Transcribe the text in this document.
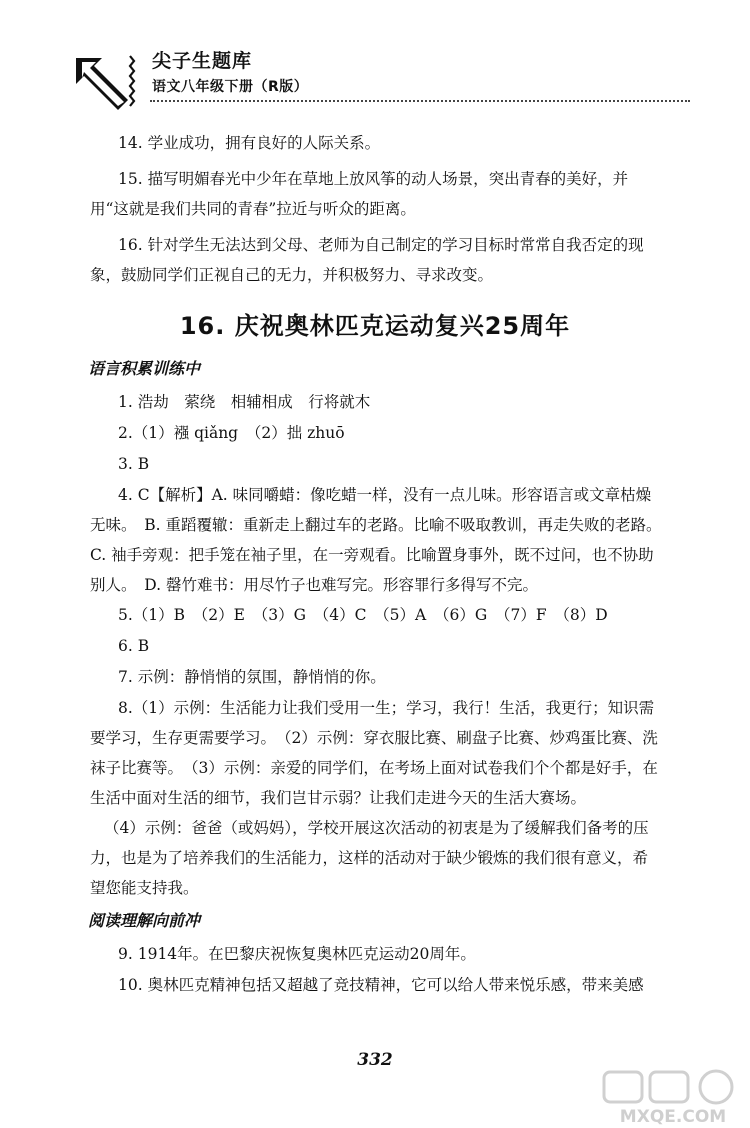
尖子生题库
语文八年级下册（R版）

14. 学业成功，拥有良好的人际关系。

15. 描写明媚春光中少年在草地上放风筝的动人场景，突出青春的美好，并用“这就是我们共同的青春”拉近与听众的距离。

16. 针对学生无法达到父母、老师为自己制定的学习目标时常常自我否定的现象，鼓励同学们正视自己的无力，并积极努力、寻求改变。

16. 庆祝奥林匹克运动复兴25周年
语言积累训练中
1. 浩劫　萦绕　相辅相成　行将就木
2.（1）襁 qiǎng　（2）拙 zhuō
3. B

4. C【解析】A. 味同嚼蜡：像吃蜡一样，没有一点儿味。形容语言或文章枯燥无味。　B. 重蹈覆辙：重新走上翻过车的老路。比喻不吸取教训，再走失败的老路。　C. 袖手旁观：把手笼在袖子里，在一旁观看。比喻置身事外，既不过问，也不协助别人。　D. 罄竹难书：用尽竹子也难写完。形容罪行多得写不完。

5.（1）B　（2）E　（3）G　（4）C　（5）A　（6）G　（7）F　（8）D
6. B
7. 示例：静悄悄的氛围，静悄悄的你。

8.（1）示例：生活能力让我们受用一生；学习，我行！生活，我更行；知识需要学习，生存更需要学习。　（2）示例：穿衣服比赛、刷盘子比赛、炒鸡蛋比赛、洗袜子比赛等。　（3）示例：亲爱的同学们，在考场上面对试卷我们个个都是好手，在生活中面对生活的细节，我们岂甘示弱？让我们走进今天的生活大赛场。

（4）示例：爸爸（或妈妈），学校开展这次活动的初衷是为了缓解我们备考的压力，也是为了培养我们的生活能力，这样的活动对于缺少锻炼的我们很有意义，希望您能支持我。

阅读理解向前冲
9. 1914年。在巴黎庆祝恢复奥林匹克运动20周年。
10. 奥林匹克精神包括又超越了竞技精神，它可以给人带来悦乐感，带来美感
332
MXQE.COM
